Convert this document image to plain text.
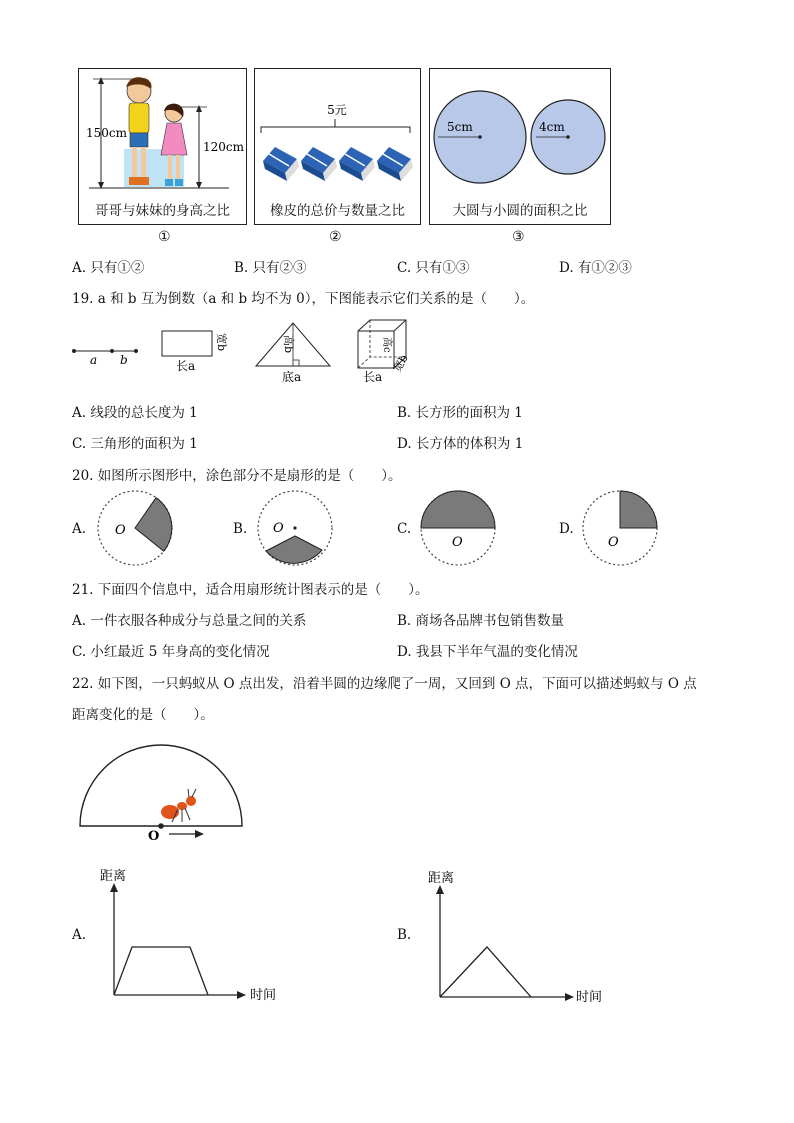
150cm
120cm
哥哥与妹妹的身高之比
5元
橡皮的总价与数量之比
5cm	4cm
大圆与小圆的面积之比
①	②	③
A. 只有①②	B. 只有②③	C. 只有①③	D. 有①②③
19. a 和 b 互为倒数（a 和 b 均不为 0），下图能表示它们关系的是（　　）。
a b	长a
宽b	高b
底a
高c
长a
宽b
A. 线段的总长度为 1	B. 长方形的面积为 1
C. 三角形的面积为 1	D. 长方体的体积为 1
20. 如图所示图形中，涂色部分不是扇形的是（　　）。
A. O	B. O	C.
O
D.
O
21. 下面四个信息中，适合用扇形统计图表示的是（　　）。
A. 一件衣服各种成分与总量之间的关系	B. 商场各品牌书包销售数量
C. 小红最近 5 年身高的变化情况	D. 我县下半年气温的变化情况
22. 如下图，一只蚂蚁从 O 点出发，沿着半圆的边缘爬了一周，又回到 O 点，下面可以描述蚂蚁与 O 点
距离变化的是（　　）。
O
A.
距离
时间
B.
距离
时间
